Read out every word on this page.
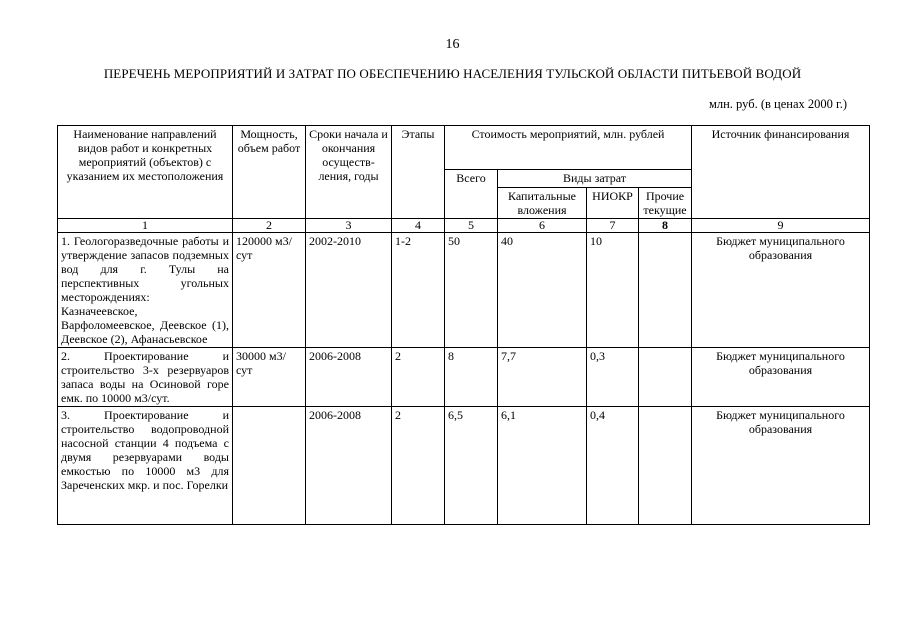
16
ПЕРЕЧЕНЬ МЕРОПРИЯТИЙ И ЗАТРАТ ПО ОБЕСПЕЧЕНИЮ НАСЕЛЕНИЯ ТУЛЬСКОЙ ОБЛАСТИ ПИТЬЕВОЙ ВОДОЙ
млн. руб. (в ценах 2000 г.)
Наименование направлений видов работ и конкретных мероприятий (объектов) с указанием их местоположения	Мощность, объем работ	Сроки начала и окончания осуществ- ления, годы	Этапы	Стоимость мероприятий, млн. рублей				Источник финансирования
				Всего	Виды затрат			
					Капитальные вложения	НИОКР	Прочие текущие	
1	2	3	4	5	6	7	8	9
1. Геологоразведочные работы и утверждение запасов подземных вод для г. Тулы на перспективных угольных месторождениях: Казначеевское, Варфоломеевское, Деевское (1), Деевское (2), Афанасьевское	120000 м3/сут	2002-2010	1-2	50	40	10		Бюджет муниципального образования
2. Проектирование и строительство 3-х резервуаров запаса воды на Осиновой горе емк. по 10000 м3/сут.	30000 м3/сут	2006-2008	2	8	7,7	0,3		Бюджет муниципального образования
3. Проектирование и строительство водопроводной насосной станции 4 подъема с двумя резервуарами воды емкостью по 10000 м3 для Зареченских мкр. и пос. Горелки		2006-2008	2	6,5	6,1	0,4		Бюджет муниципального образования
